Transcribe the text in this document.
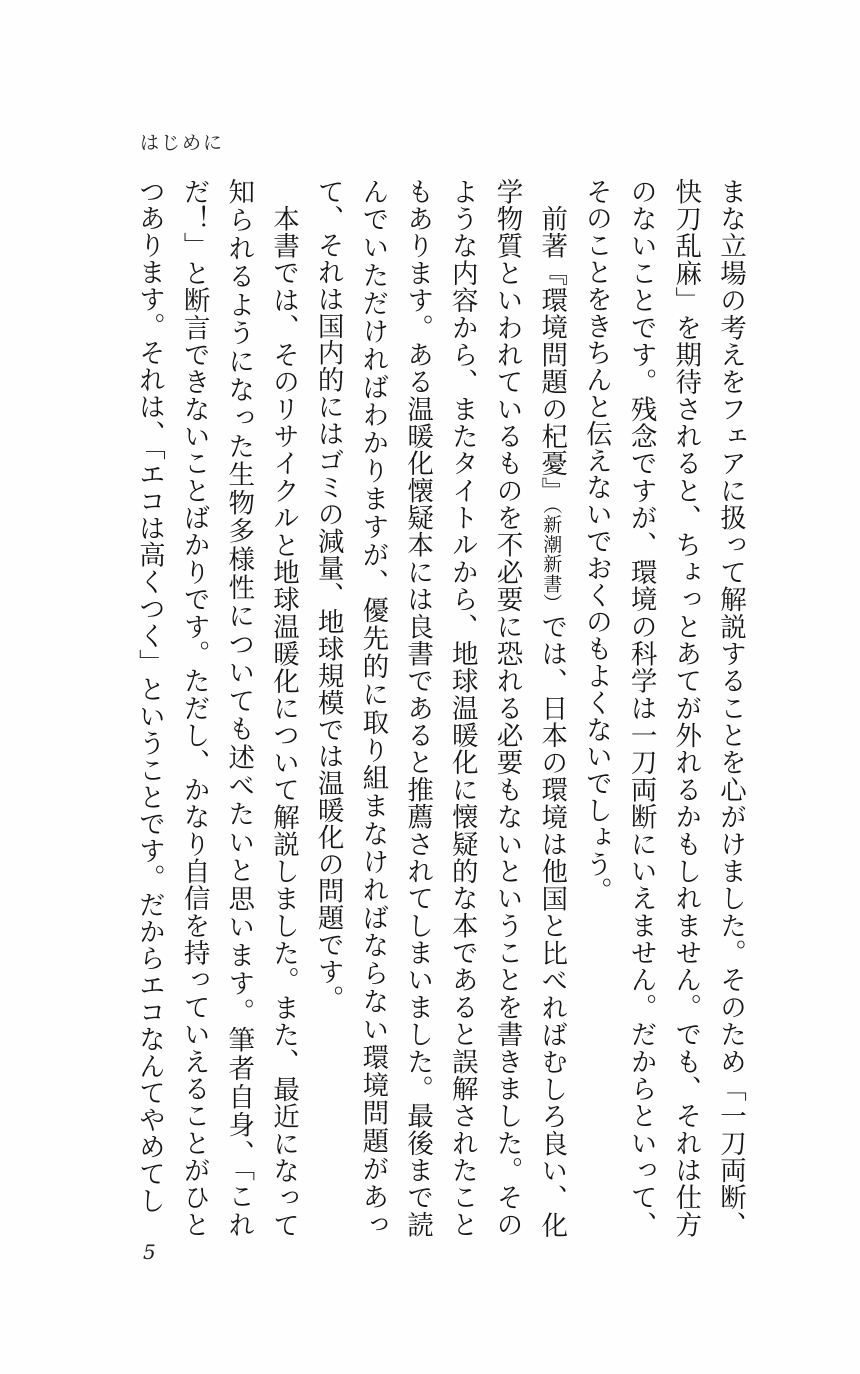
はじめに

まな立場の考えをフェアに扱って解説することを心がけました。そのため「一刀両断、快刀乱麻」を期待されると、ちょっとあてが外れるかもしれません。でも、それは仕方のないことです。残念ですが、環境の科学は一刀両断にいえません。だからといって、そのことをきちんと伝えないでおくのもよくないでしょう。

前著『環境問題の杞憂』（新潮新書）では、日本の環境は他国と比べればむしろ良い、化学物質といわれているものを不必要に恐れる必要もないということを書きました。そのような内容から、またタイトルから、地球温暖化に懐疑的な本であると誤解されたこともあります。ある温暖化懐疑本には良書であると推薦されてしまいました。最後まで読んでいただければわかりますが、優先的に取り組まなければならない環境問題があって、それは国内的にはゴミの減量、地球規模では温暖化の問題です。

本書では、そのリサイクルと地球温暖化について解説しました。また、最近になって知られるようになった生物多様性についても述べたいと思います。筆者自身、「これだ！」と断言できないことばかりです。ただし、かなり自信を持っていえることがひとつあります。それは、「エコは高くつく」ということです。だからエコなんてやめてし

5
